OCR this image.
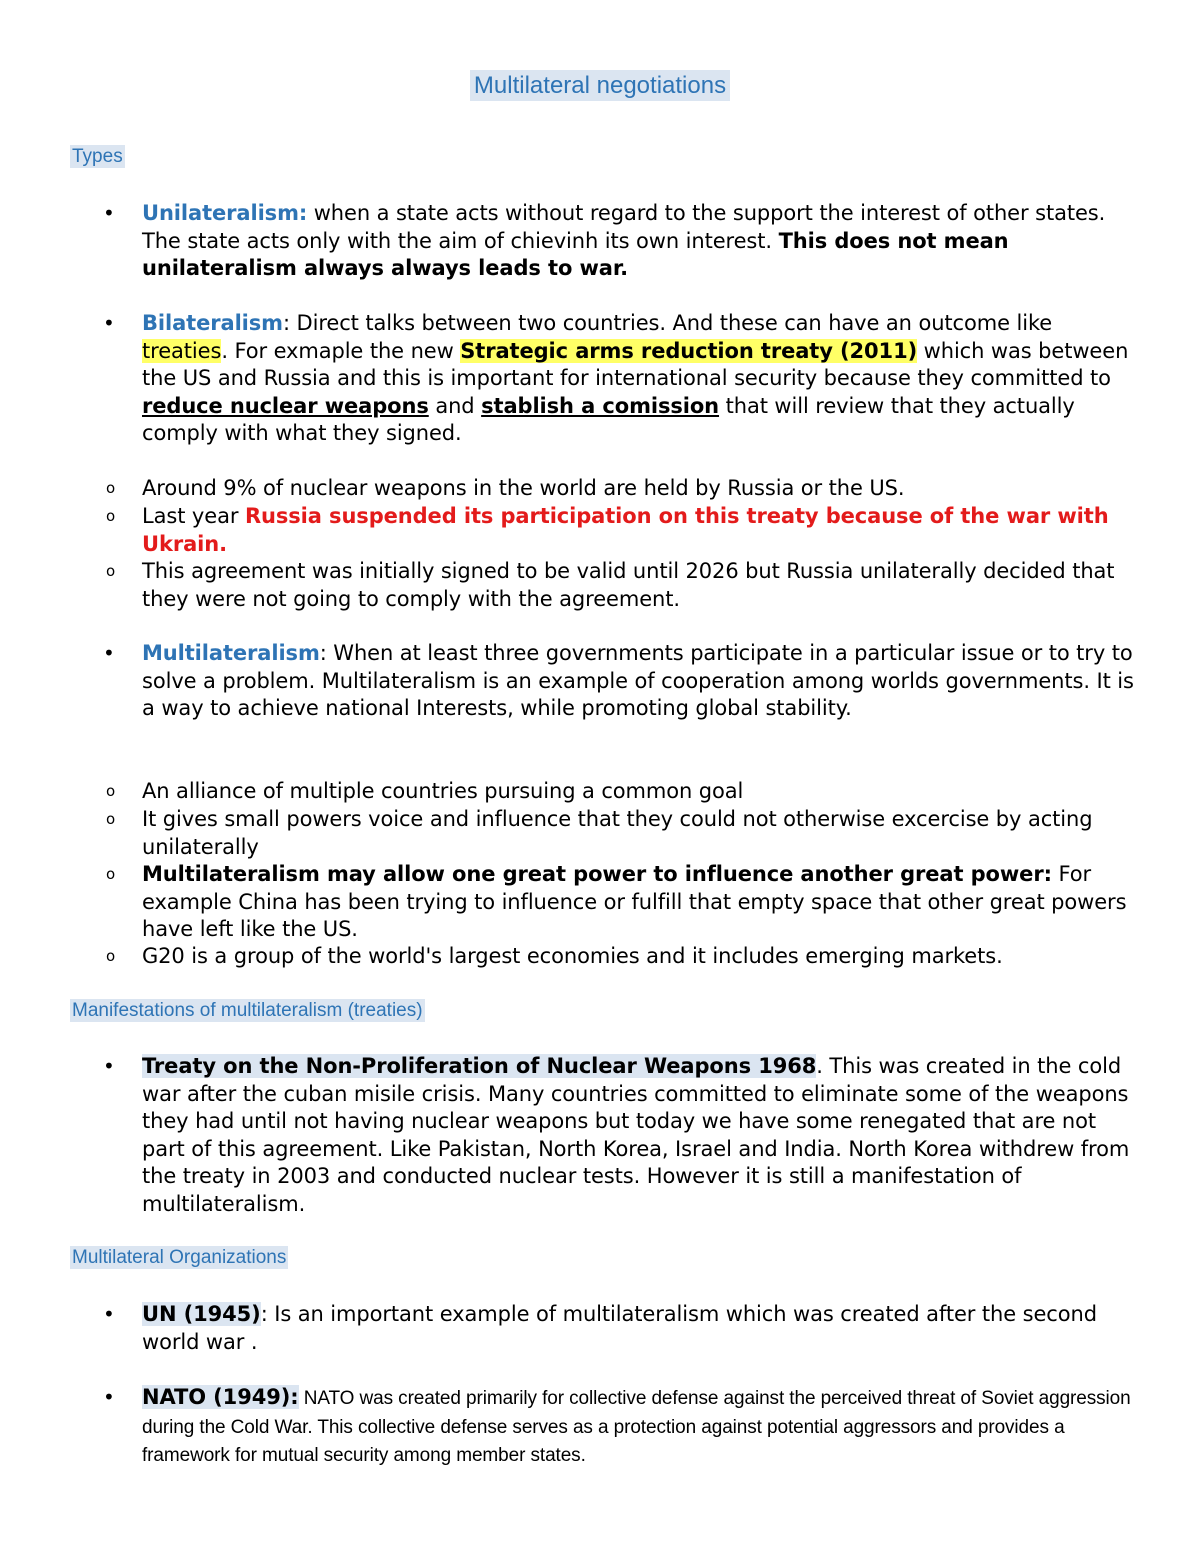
Multilateral negotiations
Types
• Unilateralism: when a state acts without regard to the support the interest of other states. The state acts only with the aim of chievinh its own interest. This does not mean unilateralism always always leads to war.
• Bilateralism: Direct talks between two countries. And these can have an outcome like treaties. For exmaple the new Strategic arms reduction treaty (2011) which was between the US and Russia and this is important for international security because they committed to reduce nuclear weapons and stablish a comission that will review that they actually comply with what they signed.
o Around 9% of nuclear weapons in the world are held by Russia or the US.
o Last year Russia suspended its participation on this treaty because of the war with Ukrain.
o This agreement was initially signed to be valid until 2026 but Russia unilaterally decided that they were not going to comply with the agreement.
• Multilateralism: When at least three governments participate in a particular issue or to try to solve a problem. Multilateralism is an example of cooperation among worlds governments. It is a way to achieve national Interests, while promoting global stability.
o An alliance of multiple countries pursuing a common goal
o It gives small powers voice and influence that they could not otherwise excercise by acting unilaterally
o Multilateralism may allow one great power to influence another great power: For example China has been trying to influence or fulfill that empty space that other great powers have left like the US.
o G20 is a group of the world's largest economies and it includes emerging markets.
Manifestations of multilateralism (treaties)
• Treaty on the Non-Proliferation of Nuclear Weapons 1968. This was created in the cold war after the cuban misile crisis. Many countries committed to eliminate some of the weapons they had until not having nuclear weapons but today we have some renegated that are not part of this agreement. Like Pakistan, North Korea, Israel and India. North Korea withdrew from the treaty in 2003 and conducted nuclear tests. However it is still a manifestation of multilateralism.
Multilateral Organizations
• UN (1945): Is an important example of multilateralism which was created after the second world war .
• NATO (1949): NATO was created primarily for collective defense against the perceived threat of Soviet aggression during the Cold War. This collective defense serves as a protection against potential aggressors and provides a framework for mutual security among member states.
